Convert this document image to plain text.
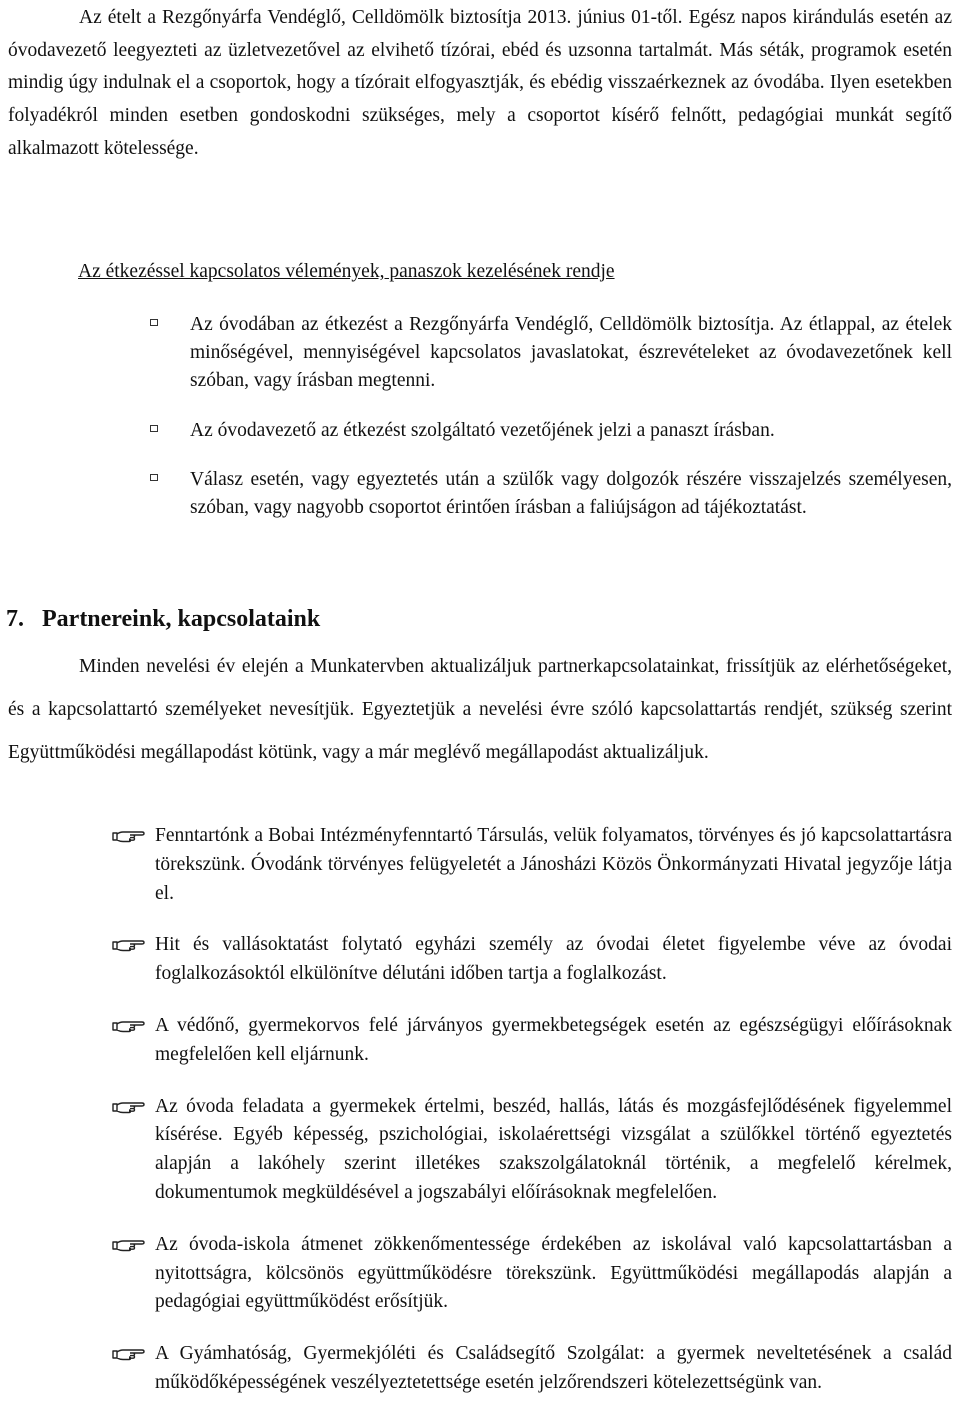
Az ételt a Rezgőnyárfa Vendéglő, Celldömölk biztosítja 2013. június 01-től. Egész napos kirándulás esetén az óvodavezető leegyezteti az üzletvezetővel az elvihető tízórai, ebéd és uzsonna tartalmát. Más séták, programok esetén mindig úgy indulnak el a csoportok, hogy a tízórait elfogyasztják, és ebédig visszaérkeznek az óvodába. Ilyen esetekben folyadékról minden esetben gondoskodni szükséges, mely a csoportot kísérő felnőtt, pedagógiai munkát segítő alkalmazott kötelessége.

Az étkezéssel kapcsolatos vélemények, panaszok kezelésének rendje

Az óvodában az étkezést a Rezgőnyárfa Vendéglő, Celldömölk biztosítja. Az étlappal, az ételek minőségével, mennyiségével kapcsolatos javaslatokat, észrevételeket az óvodavezetőnek kell szóban, vagy írásban megtenni.
Az óvodavezető az étkezést szolgáltató vezetőjének jelzi a panaszt írásban.
Válasz esetén, vagy egyeztetés után a szülők vagy dolgozók részére visszajelzés személyesen, szóban, vagy nagyobb csoportot érintően írásban a faliújságon ad tájékoztatást.
7. Partnereink, kapcsolataink

Minden nevelési év elején a Munkatervben aktualizáljuk partnerkapcsolatainkat, frissítjük az elérhetőségeket, és a kapcsolattartó személyeket nevesítjük. Egyeztetjük a nevelési évre szóló kapcsolattartás rendjét, szükség szerint Együttműködési megállapodást kötünk, vagy a már meglévő megállapodást aktualizáljuk.

Fenntartónk a Bobai Intézményfenntartó Társulás, velük folyamatos, törvényes és jó kapcsolattartásra törekszünk. Óvodánk törvényes felügyeletét a Jánosházi Közös Önkormányzati Hivatal jegyzője látja el.
Hit és vallásoktatást folytató egyházi személy az óvodai életet figyelembe véve az óvodai foglalkozásoktól elkülönítve délutáni időben tartja a foglalkozást.
A védőnő, gyermekorvos felé járványos gyermekbetegségek esetén az egészségügyi előírásoknak megfelelően kell eljárnunk.
Az óvoda feladata a gyermekek értelmi, beszéd, hallás, látás és mozgásfejlődésének figyelemmel kísérése. Egyéb képesség, pszichológiai, iskolaérettségi vizsgálat a szülőkkel történő egyeztetés alapján a lakóhely szerint illetékes szakszolgálatoknál történik, a megfelelő kérelmek, dokumentumok megküldésével a jogszabályi előírásoknak megfelelően.
Az óvoda-iskola átmenet zökkenőmentessége érdekében az iskolával való kapcsolattartásban a nyitottságra, kölcsönös együttműködésre törekszünk. Együttműködési megállapodás alapján a pedagógiai együttműködést erősítjük.
A Gyámhatóság, Gyermekjóléti és Családsegítő Szolgálat: a gyermek neveltetésének a család működőképességének veszélyeztetettsége esetén jelzőrendszeri kötelezettségünk van.
